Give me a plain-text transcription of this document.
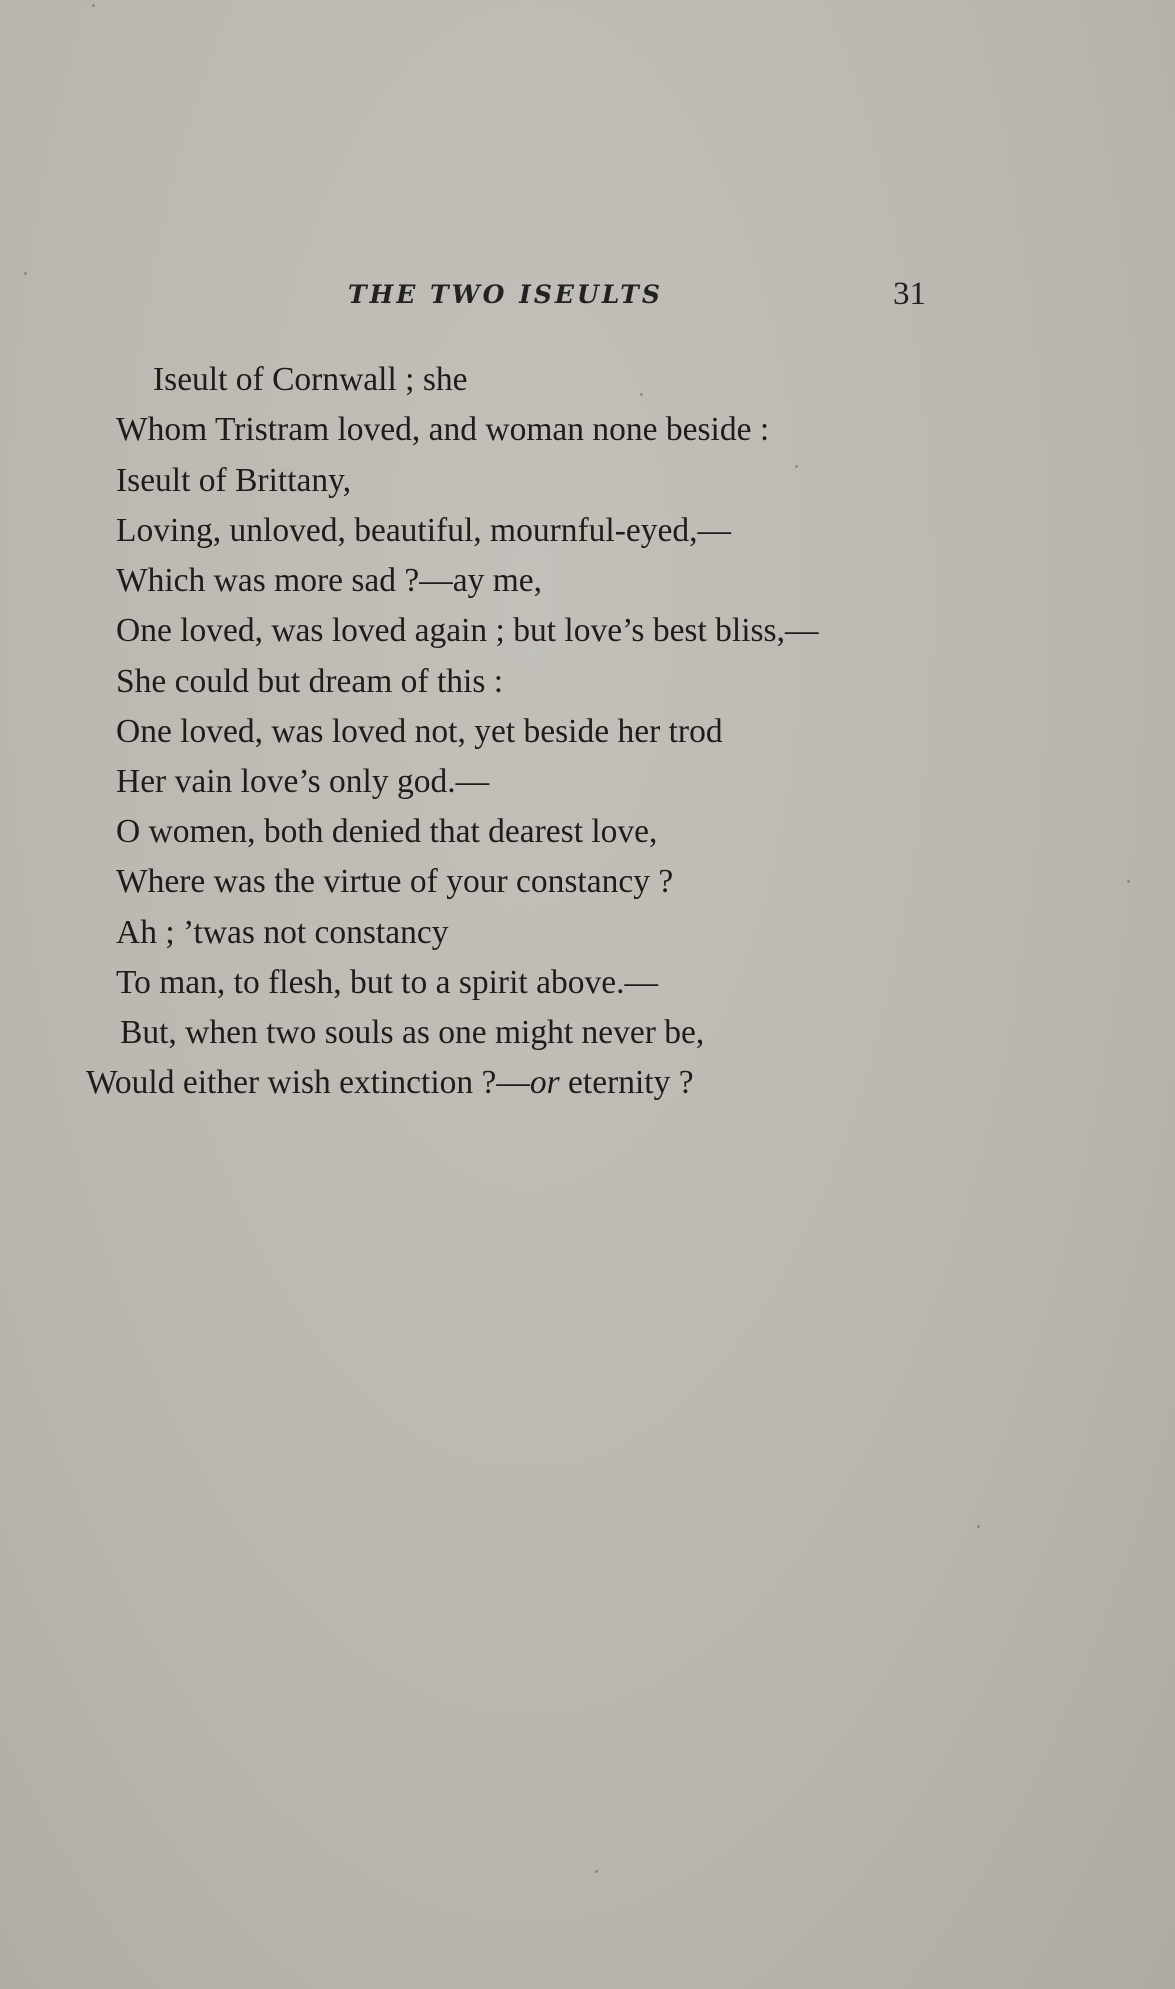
THE TWO ISEULTS	31
Iseult of Cornwall ; she
Whom Tristram loved, and woman none beside :
Iseult of Brittany,
Loving, unloved, beautiful, mournful-eyed,—
Which was more sad ?—ay me,
One loved, was loved again ; but love’s best bliss,—
She could but dream of this :
One loved, was loved not, yet beside her trod
Her vain love’s only god.—
O women, both denied that dearest love,
Where was the virtue of your constancy ?
Ah ; ’twas not constancy
To man, to flesh, but to a spirit above.—
But, when two souls as one might never be,
Would either wish extinction ?—or eternity ?
